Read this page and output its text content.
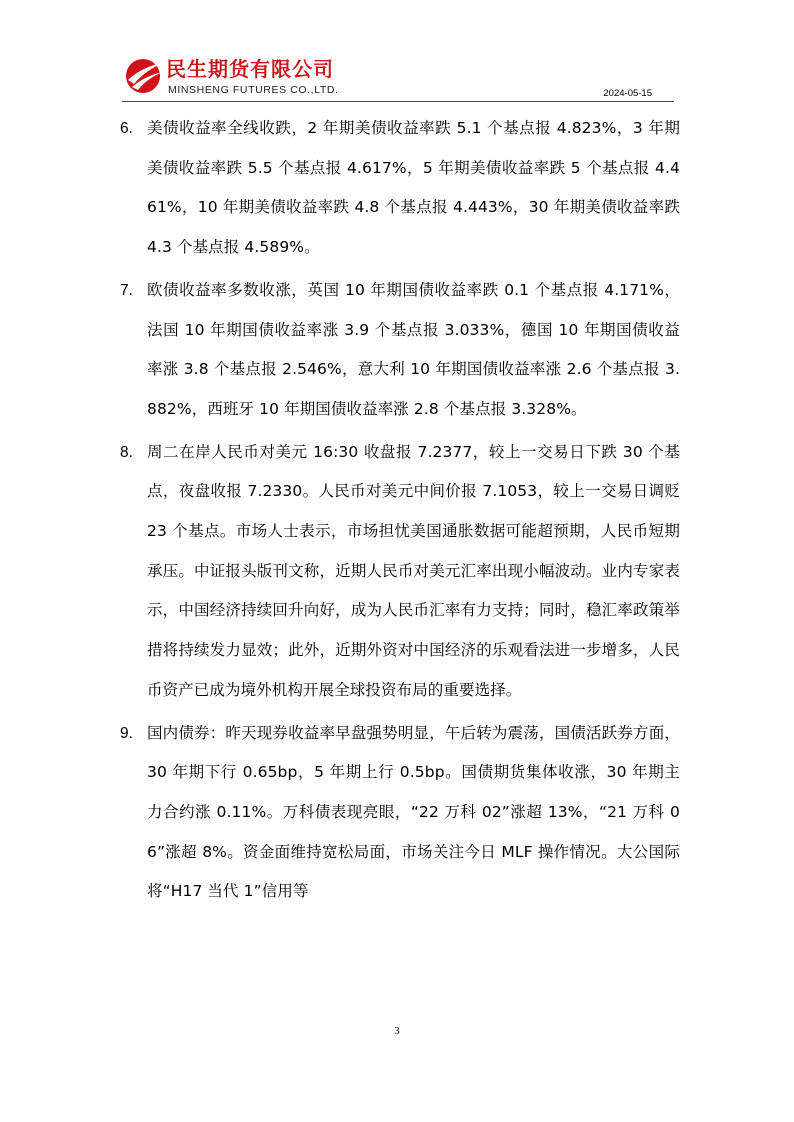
民生期货有限公司
MINSHENG FUTURES CO.,LTD.	2024-05-15
6. 美债收益率全线收跌，2 年期美债收益率跌 5.1 个基点报 4.823%，3 年期美债收益率跌 5.5 个基点报 4.617%，5 年期美债收益率跌 5 个基点报 4.461%，10 年期美债收益率跌 4.8 个基点报 4.443%，30 年期美债收益率跌 4.3 个基点报 4.589%。
7. 欧债收益率多数收涨，英国 10 年期国债收益率跌 0.1 个基点报 4.171%，法国 10 年期国债收益率涨 3.9 个基点报 3.033%，德国 10 年期国债收益率涨 3.8 个基点报 2.546%，意大利 10 年期国债收益率涨 2.6 个基点报 3.882%，西班牙 10 年期国债收益率涨 2.8 个基点报 3.328%。
8. 周二在岸人民币对美元 16:30 收盘报 7.2377，较上一交易日下跌 30 个基点，夜盘收报 7.2330。人民币对美元中间价报 7.1053，较上一交易日调贬 23 个基点。市场人士表示，市场担忧美国通胀数据可能超预期，人民币短期承压。中证报头版刊文称，近期人民币对美元汇率出现小幅波动。业内专家表示，中国经济持续回升向好，成为人民币汇率有力支持；同时，稳汇率政策举措将持续发力显效；此外，近期外资对中国经济的乐观看法进一步增多，人民币资产已成为境外机构开展全球投资布局的重要选择。
9. 国内债券：昨天现券收益率早盘强势明显，午后转为震荡，国债活跃券方面，30 年期下行 0.65bp，5 年期上行 0.5bp。国债期货集体收涨，30 年期主力合约涨 0.11%。万科债表现亮眼，“22 万科 02”涨超 13%，“21 万科 06”涨超 8%。资金面维持宽松局面，市场关注今日 MLF 操作情况。大公国际将“H17 当代 1”信用等
3
